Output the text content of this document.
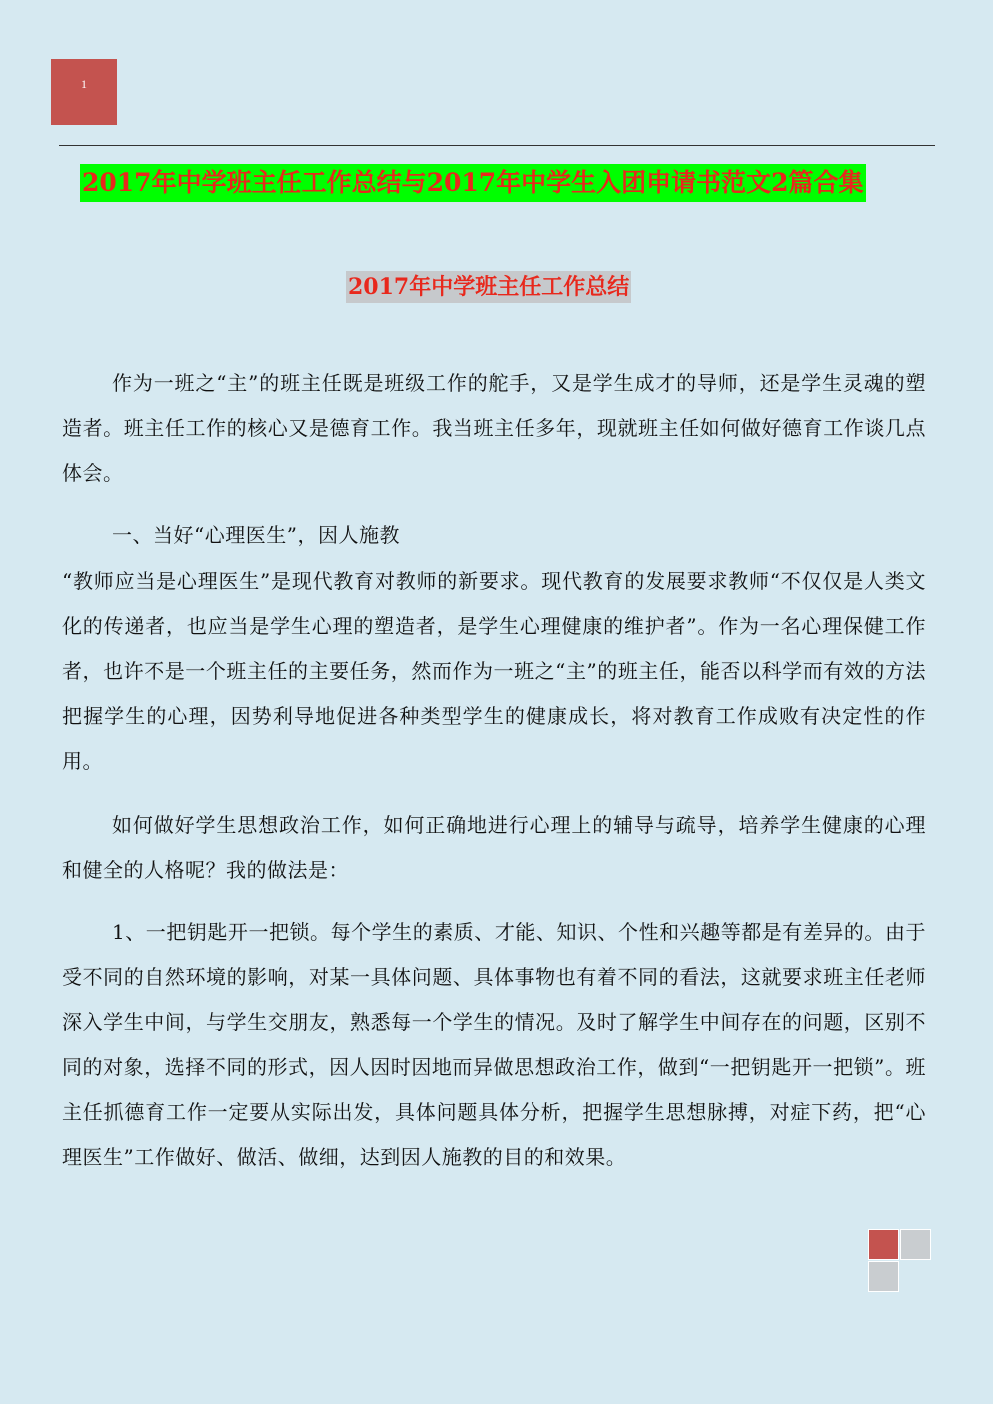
1
2017年中学班主任工作总结与2017年中学生入团申请书范文2篇合集
2017年中学班主任工作总结

作为一班之“主”的班主任既是班级工作的舵手，又是学生成才的导师，还是学生灵魂的塑造者。班主任工作的核心又是德育工作。我当班主任多年，现就班主任如何做好德育工作谈几点体会。

一、当好“心理医生”，因人施教

“教师应当是心理医生”是现代教育对教师的新要求。现代教育的发展要求教师“不仅仅是人类文化的传递者，也应当是学生心理的塑造者，是学生心理健康的维护者”。作为一名心理保健工作者，也许不是一个班主任的主要任务，然而作为一班之“主”的班主任，能否以科学而有效的方法把握学生的心理，因势利导地促进各种类型学生的健康成长，将对教育工作成败有决定性的作用。

如何做好学生思想政治工作，如何正确地进行心理上的辅导与疏导，培养学生健康的心理和健全的人格呢？我的做法是：

1、一把钥匙开一把锁。每个学生的素质、才能、知识、个性和兴趣等都是有差异的。由于受不同的自然环境的影响，对某一具体问题、具体事物也有着不同的看法，这就要求班主任老师深入学生中间，与学生交朋友，熟悉每一个学生的情况。及时了解学生中间存在的问题，区别不同的对象，选择不同的形式，因人因时因地而异做思想政治工作，做到“一把钥匙开一把锁”。班主任抓德育工作一定要从实际出发，具体问题具体分析，把握学生思想脉搏，对症下药，把“心理医生”工作做好、做活、做细，达到因人施教的目的和效果。
